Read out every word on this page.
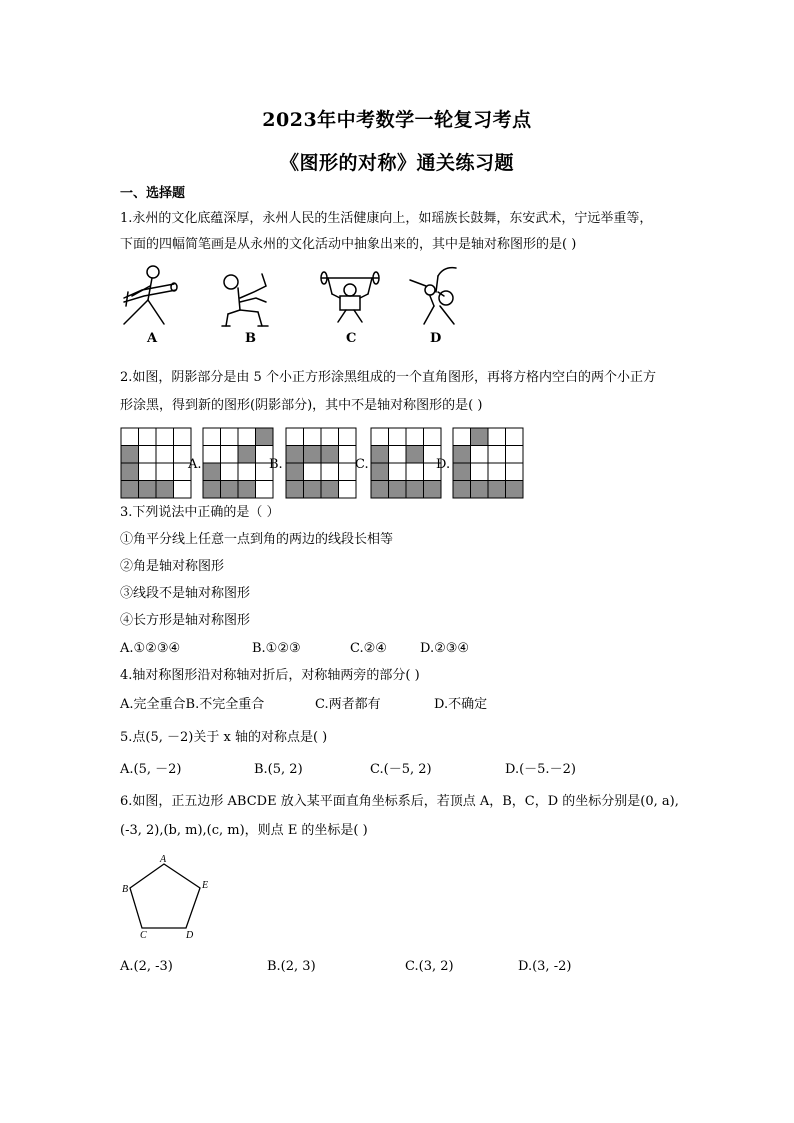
2023年中考数学一轮复习考点
《图形的对称》通关练习题
一、选择题
1.永州的文化底蕴深厚，永州人民的生活健康向上，如瑶族长鼓舞，东安武术，宁远举重等，
下面的四幅简笔画是从永州的文化活动中抽象出来的，其中是轴对称图形的是( )
A	B	C	D
2.如图，阴影部分是由 5 个小正方形涂黑组成的一个直角图形，再将方格内空白的两个小正方
形涂黑，得到新的图形(阴影部分)，其中不是轴对称图形的是( )
A.	B.	C.	D.
3.下列说法中正确的是（ ）
①角平分线上任意一点到角的两边的线段长相等
②角是轴对称图形
③线段不是轴对称图形
④长方形是轴对称图形
A.①②③④	B.①②③	C.②④	D.②③④
4.轴对称图形沿对称轴对折后，对称轴两旁的部分( )
A.完全重合B.不完全重合	C.两者都有	D.不确定
5.点(5, －2)关于 x 轴的对称点是( )
A.(5, －2)	B.(5, 2)	C.(－5, 2)	D.(－5.－2)
6.如图，正五边形 ABCDE 放入某平面直角坐标系后，若顶点 A，B，C，D 的坐标分别是(0, a),
(-3, 2),(b, m),(c, m)，则点 E 的坐标是( )
A
B
C	D
E
A.(2, -3)	B.(2, 3)	C.(3, 2)	D.(3, -2)
